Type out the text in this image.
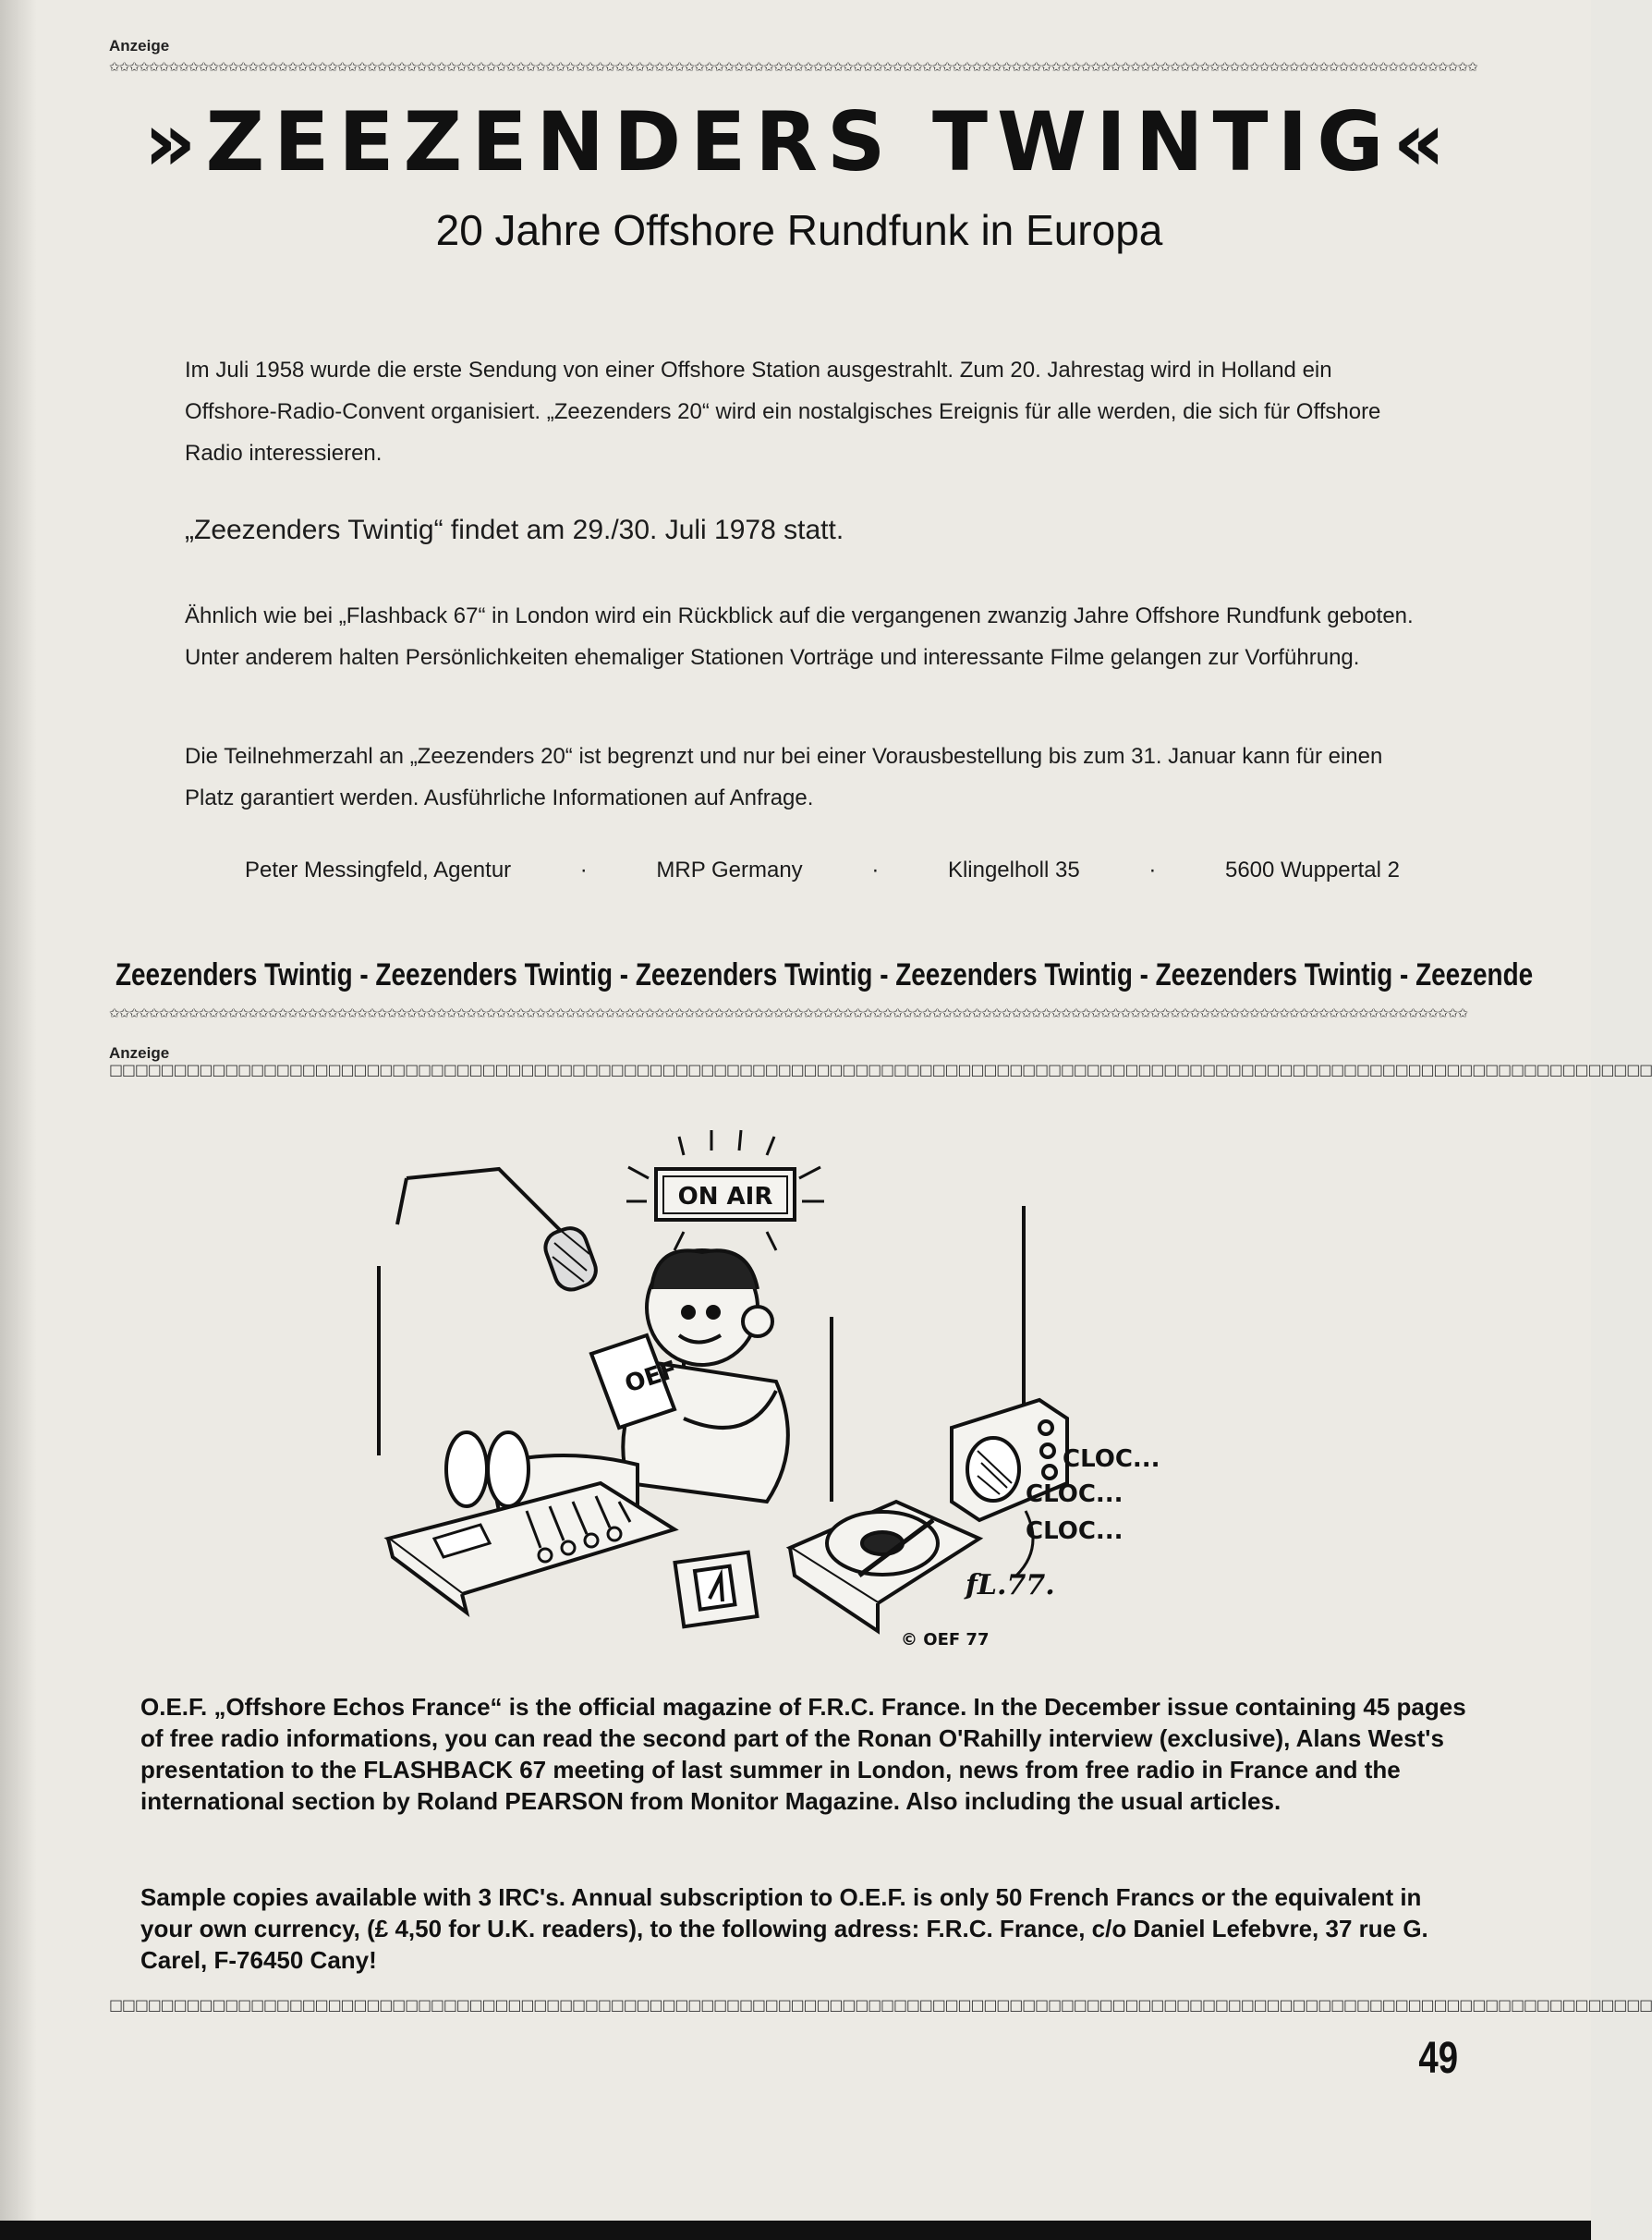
Anzeige
✩✩✩✩✩✩✩✩✩✩✩✩✩✩✩✩✩✩✩✩✩✩✩✩✩✩✩✩✩✩✩✩✩✩✩✩✩✩✩✩✩✩✩✩✩✩✩✩✩✩✩✩✩✩✩✩✩✩✩✩✩✩✩✩✩✩✩✩✩✩✩✩✩✩✩✩✩✩✩✩✩✩✩✩✩✩✩✩✩✩✩✩✩✩✩✩✩✩✩✩✩✩✩✩✩✩✩✩✩✩✩✩✩✩✩✩✩✩✩✩✩✩✩✩✩✩✩✩✩✩✩✩✩✩✩✩✩✩
»ZEEZENDERS TWINTIG«
20 Jahre Offshore Rundfunk in Europa
Im Juli 1958 wurde die erste Sendung von einer Offshore Station ausgestrahlt. Zum 20. Jahrestag wird in Holland ein Offshore-Radio-Convent organisiert. „Zeezenders 20“ wird ein nostalgisches Ereignis für alle werden, die sich für Offshore Radio interessieren.
„Zeezenders Twintig“ findet am 29./30. Juli 1978 statt.
Ähnlich wie bei „Flashback 67“ in London wird ein Rückblick auf die vergangenen zwanzig Jahre Offshore Rundfunk geboten. Unter anderem halten Persönlichkeiten ehemaliger Stationen Vorträge und interessante Filme gelangen zur Vorführung.
Die Teilnehmerzahl an „Zeezenders 20“ ist begrenzt und nur bei einer Vorausbestellung bis zum 31. Januar kann für einen Platz garantiert werden. Ausführliche Informationen auf Anfrage.
Peter Messingfeld, Agentur	·	MRP Germany	·	Klingelholl 35	·	5600 Wuppertal 2
Zeezenders Twintig - Zeezenders Twintig - Zeezenders Twintig - Zeezenders Twintig - Zeezenders Twintig - Zeezende
✩✩✩✩✩✩✩✩✩✩✩✩✩✩✩✩✩✩✩✩✩✩✩✩✩✩✩✩✩✩✩✩✩✩✩✩✩✩✩✩✩✩✩✩✩✩✩✩✩✩✩✩✩✩✩✩✩✩✩✩✩✩✩✩✩✩✩✩✩✩✩✩✩✩✩✩✩✩✩✩✩✩✩✩✩✩✩✩✩✩✩✩✩✩✩✩✩✩✩✩✩✩✩✩✩✩✩✩✩✩✩✩✩✩✩✩✩✩✩✩✩✩✩✩✩✩✩✩✩✩✩✩✩✩✩✩✩
Anzeige
□□□□□□□□□□□□□□□□□□□□□□□□□□□□□□□□□□□□□□□□□□□□□□□□□□□□□□□□□□□□□□□□□□□□□□□□□□□□□□□□□□□□□□□□□□□□□□□□□□□□□□□□□□□□□□□□□□□□□□□□
ON AIR
OEF
CLOC...
CLOC...
CLOC...
fL.77.
© OEF 77
O.E.F. „Offshore Echos France“ is the official magazine of F.R.C. France. In the December issue containing 45 pages of free radio informations, you can read the second part of the Ronan O'Rahilly interview (exclusive), Alans West's presentation to the FLASHBACK 67 meeting of last summer in London, news from free radio in France and the international section by Roland PEARSON from Monitor Magazine. Also including the usual articles.
Sample copies available with 3 IRC's. Annual subscription to O.E.F. is only 50 French Francs or the equivalent in your own currency, (£ 4,50 for U.K. readers), to the following adress: F.R.C. France, c/o Daniel Lefebvre, 37 rue G. Carel, F-76450 Cany!
□□□□□□□□□□□□□□□□□□□□□□□□□□□□□□□□□□□□□□□□□□□□□□□□□□□□□□□□□□□□□□□□□□□□□□□□□□□□□□□□□□□□□□□□□□□□□□□□□□□□□□□□□□□□□□□□□□□□□□□□
49
